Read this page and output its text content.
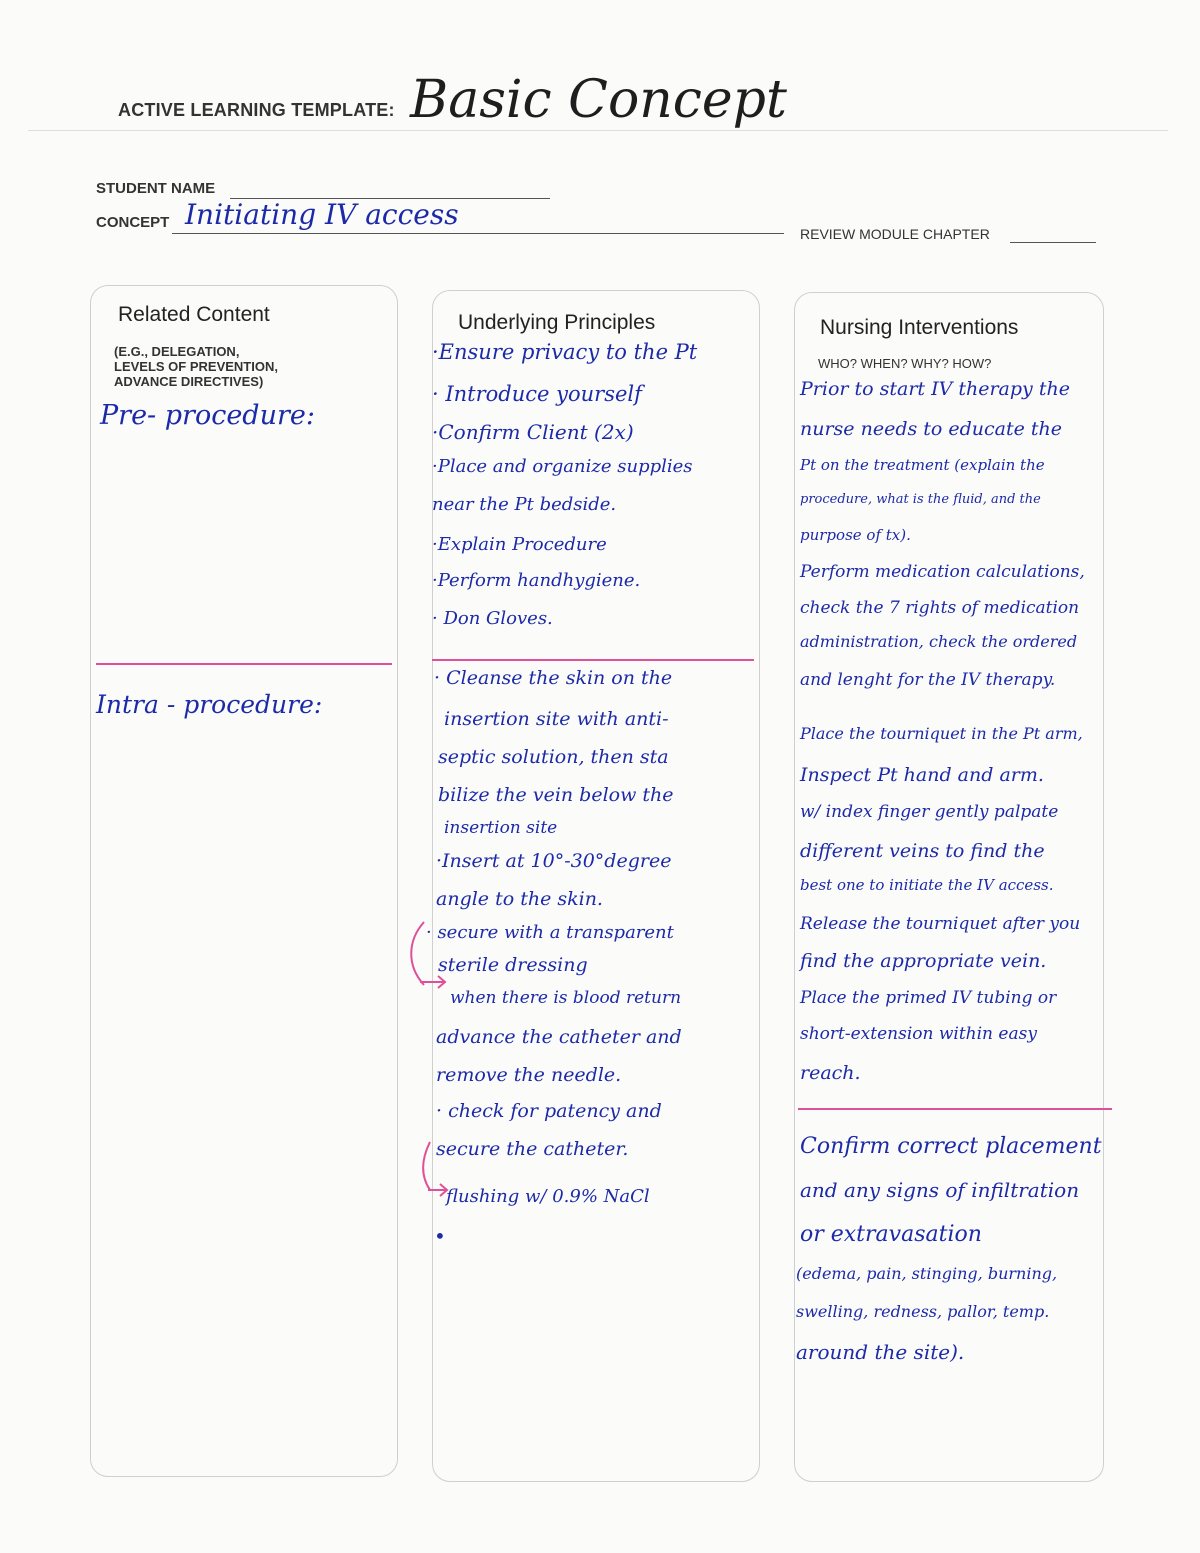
ACTIVE LEARNING TEMPLATE: Basic Concept
STUDENT NAME
CONCEPT Initiating IV access
REVIEW MODULE CHAPTER
Related Content
(E.G., DELEGATION,
LEVELS OF PREVENTION,
ADVANCE DIRECTIVES)
Pre- procedure:
Intra - procedure:
Underlying Principles
·Ensure privacy to the Pt
· Introduce yourself
·Confirm Client (2x)
·Place and organize supplies
near the Pt bedside.
·Explain Procedure
·Perform handhygiene.
· Don Gloves.
· Cleanse the skin on the
insertion site with anti-
septic solution, then sta
bilize the vein below the
insertion site
·Insert at 10°-30°degree
angle to the skin.
· secure with a transparent
sterile dressing
when there is blood return
advance the catheter and
remove the needle.
· check for patency and
secure the catheter.
flushing w/ 0.9% NaCl
•
Nursing Interventions
WHO? WHEN? WHY? HOW?
Prior to start IV therapy the
nurse needs to educate the
Pt on the treatment (explain the
procedure, what is the fluid, and the
purpose of tx).
Perform medication calculations,
check the 7 rights of medication
administration, check the ordered
and lenght for the IV therapy.
Place the tourniquet in the Pt arm,
Inspect Pt hand and arm.
w/ index finger gently palpate
different veins to find the
best one to initiate the IV access.
Release the tourniquet after you
find the appropriate vein.
Place the primed IV tubing or
short-extension within easy
reach.
Confirm correct placement
and any signs of infiltration
or extravasation
(edema, pain, stinging, burning,
swelling, redness, pallor, temp.
around the site).
